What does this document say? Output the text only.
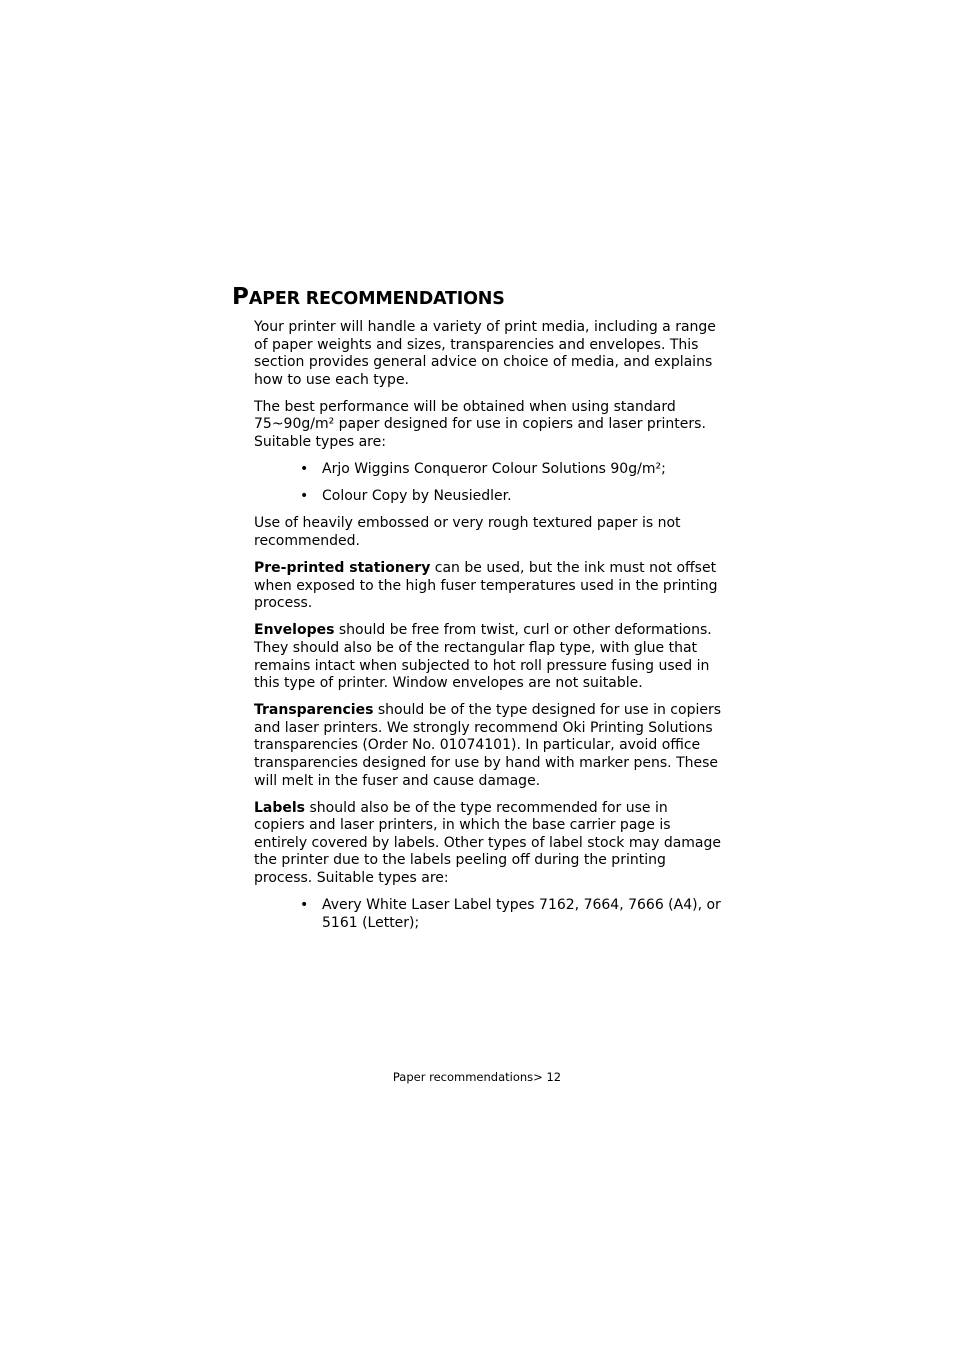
PAPER RECOMMENDATIONS

Your printer will handle a variety of print media, including a range of paper weights and sizes, transparencies and envelopes. This section provides general advice on choice of media, and explains how to use each type.

The best performance will be obtained when using standard 75~90g/m² paper designed for use in copiers and laser printers. Suitable types are:

• Arjo Wiggins Conqueror Colour Solutions 90g/m²;
• Colour Copy by Neusiedler.

Use of heavily embossed or very rough textured paper is not recommended.

Pre-printed stationery can be used, but the ink must not offset when exposed to the high fuser temperatures used in the printing process.

Envelopes should be free from twist, curl or other deformations. They should also be of the rectangular flap type, with glue that remains intact when subjected to hot roll pressure fusing used in this type of printer. Window envelopes are not suitable.

Transparencies should be of the type designed for use in copiers and laser printers. We strongly recommend Oki Printing Solutions transparencies (Order No. 01074101). In particular, avoid office transparencies designed for use by hand with marker pens. These will melt in the fuser and cause damage.

Labels should also be of the type recommended for use in copiers and laser printers, in which the base carrier page is entirely covered by labels. Other types of label stock may damage the printer due to the labels peeling off during the printing process. Suitable types are:

• Avery White Laser Label types 7162, 7664, 7666 (A4), or 5161 (Letter);
Paper recommendations> 12
